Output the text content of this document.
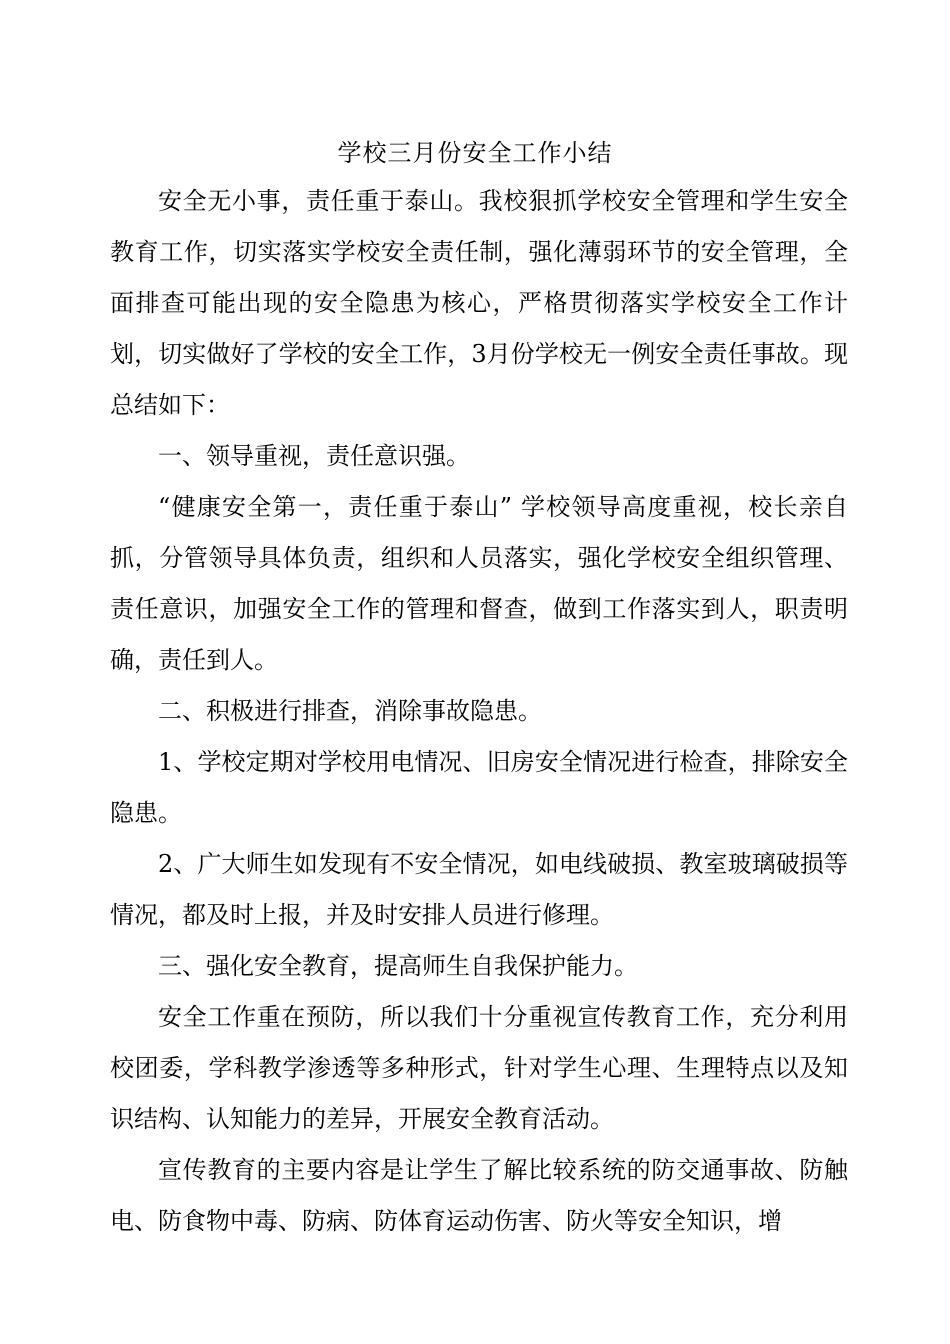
学校三月份安全工作小结

安全无小事，责任重于泰山。我校狠抓学校安全管理和学生安全教育工作，切实落实学校安全责任制，强化薄弱环节的安全管理，全面排查可能出现的安全隐患为核心，严格贯彻落实学校安全工作计划，切实做好了学校的安全工作，3月份学校无一例安全责任事故。现总结如下：

一、领导重视，责任意识强。

“健康安全第一，责任重于泰山” 学校领导高度重视，校长亲自抓，分管领导具体负责，组织和人员落实，强化学校安全组织管理、责任意识，加强安全工作的管理和督查，做到工作落实到人，职责明确，责任到人。

二、积极进行排查，消除事故隐患。

1、学校定期对学校用电情况、旧房安全情况进行检查，排除安全隐患。

2、广大师生如发现有不安全情况，如电线破损、教室玻璃破损等情况，都及时上报，并及时安排人员进行修理。

三、强化安全教育，提高师生自我保护能力。

安全工作重在预防，所以我们十分重视宣传教育工作，充分利用校团委，学科教学渗透等多种形式，针对学生心理、生理特点以及知识结构、认知能力的差异，开展安全教育活动。

宣传教育的主要内容是让学生了解比较系统的防交通事故、防触电、防食物中毒、防病、防体育运动伤害、防火等安全知识，增
